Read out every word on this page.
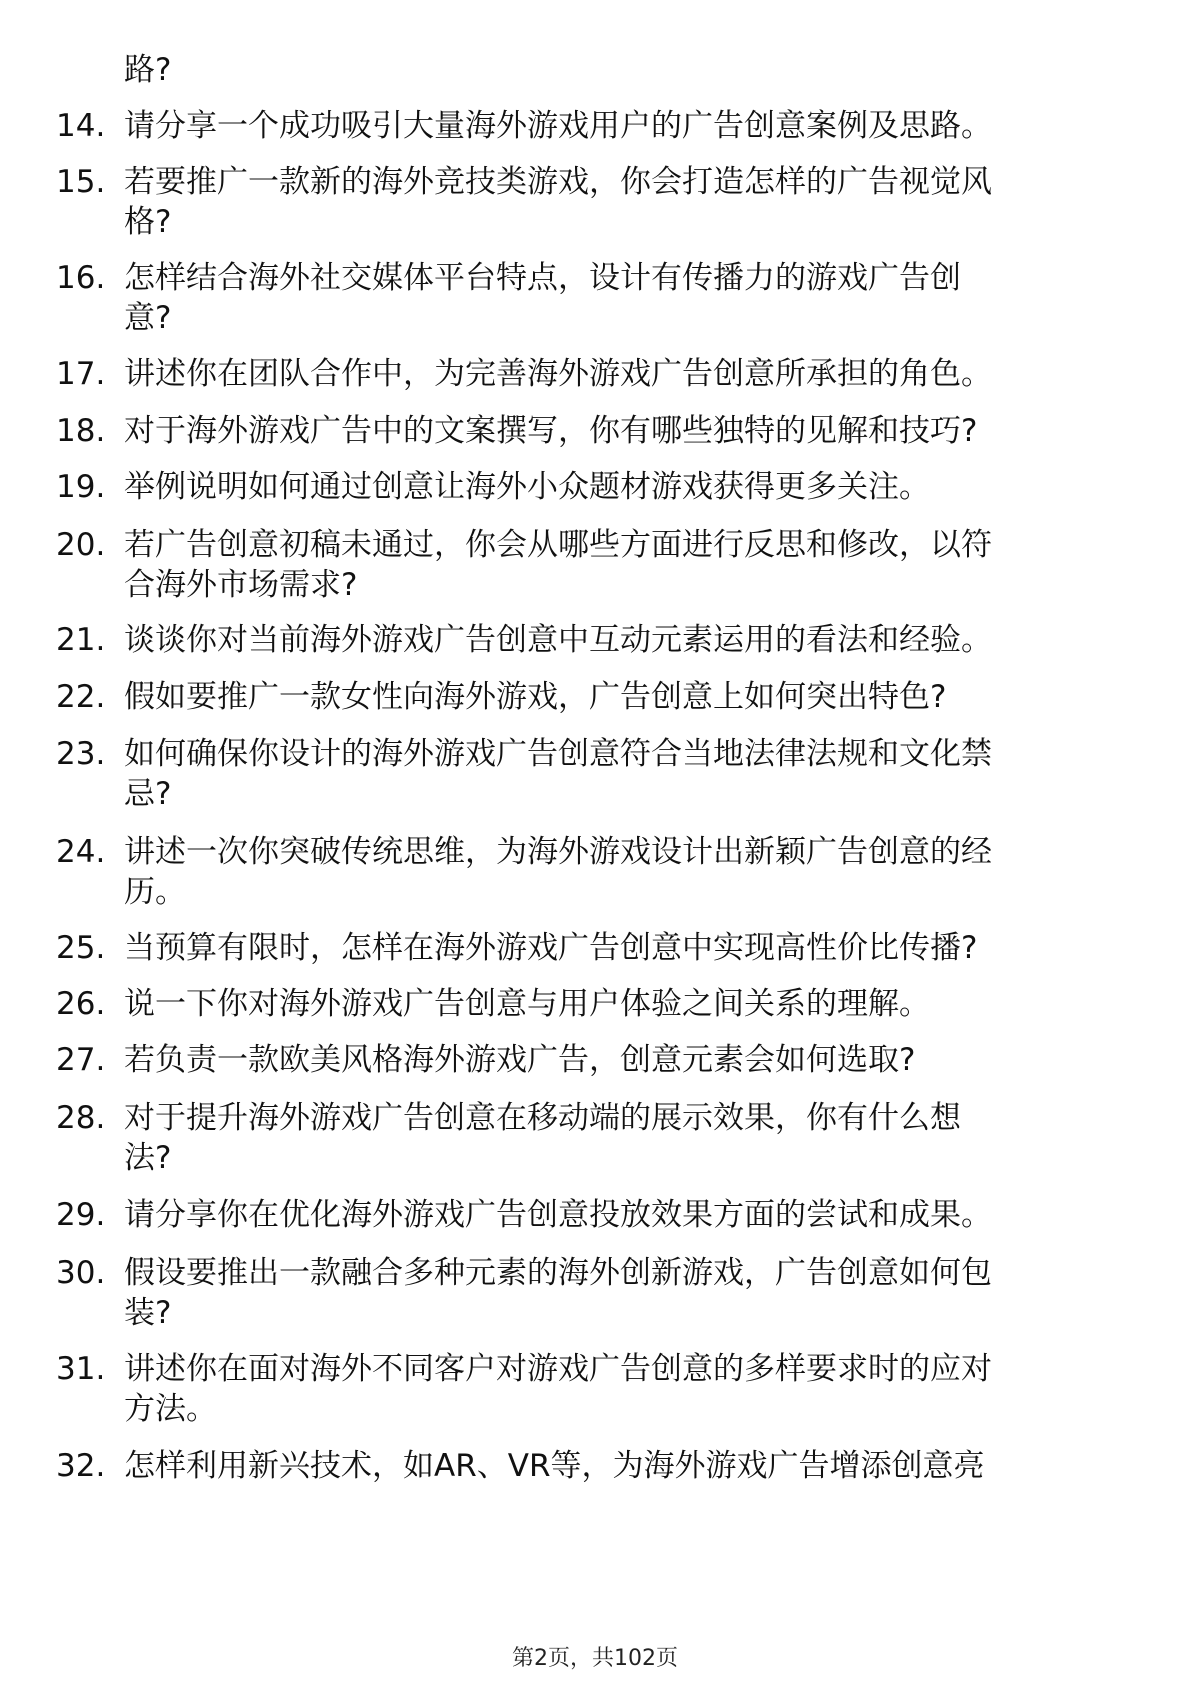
路?

14. 请分享一个成功吸引大量海外游戏用户的广告创意案例及思路。

15. 若要推广一款新的海外竞技类游戏，你会打造怎样的广告视觉风

格?

16. 怎样结合海外社交媒体平台特点，设计有传播力的游戏广告创

意?

17. 讲述你在团队合作中，为完善海外游戏广告创意所承担的角色。

18. 对于海外游戏广告中的文案撰写，你有哪些独特的见解和技巧?

19. 举例说明如何通过创意让海外小众题材游戏获得更多关注。

20. 若广告创意初稿未通过，你会从哪些方面进行反思和修改，以符

合海外市场需求?

21. 谈谈你对当前海外游戏广告创意中互动元素运用的看法和经验。

22. 假如要推广一款女性向海外游戏，广告创意上如何突出特色?

23. 如何确保你设计的海外游戏广告创意符合当地法律法规和文化禁

忌?

24. 讲述一次你突破传统思维，为海外游戏设计出新颖广告创意的经

历。

25. 当预算有限时，怎样在海外游戏广告创意中实现高性价比传播?

26. 说一下你对海外游戏广告创意与用户体验之间关系的理解。

27. 若负责一款欧美风格海外游戏广告，创意元素会如何选取?

28. 对于提升海外游戏广告创意在移动端的展示效果，你有什么想

法?

29. 请分享你在优化海外游戏广告创意投放效果方面的尝试和成果。

30. 假设要推出一款融合多种元素的海外创新游戏，广告创意如何包

装?

31. 讲述你在面对海外不同客户对游戏广告创意的多样要求时的应对

方法。

32. 怎样利用新兴技术，如AR、VR等，为海外游戏广告增添创意亮

第2页，共102页
